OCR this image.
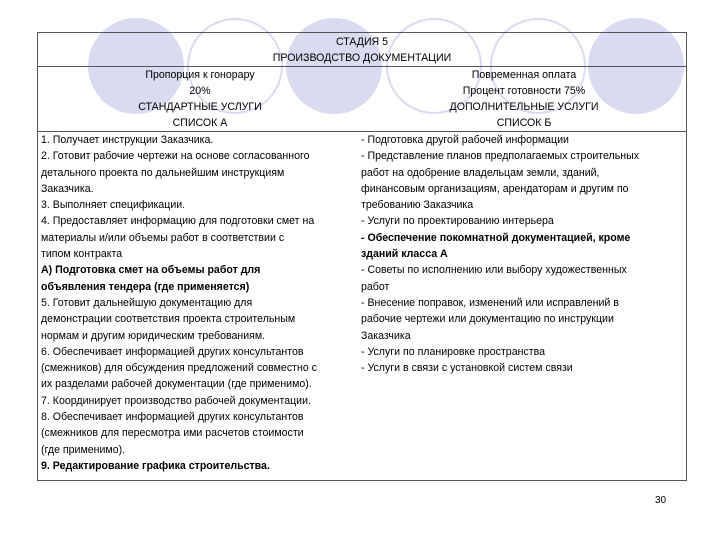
СТАДИЯ 5
ПРОИЗВОДСТВО ДОКУМЕНТАЦИИ
Пропорция к гонорару
20%
СТАНДАРТНЫЕ УСЛУГИ
СПИСОК А
Повременная оплата
Процент готовности 75%
ДОПОЛНИТЕЛЬНЫЕ УСЛУГИ
СПИСОК Б
1. Получает инструкции Заказчика.
2. Готовит рабочие чертежи на основе согласованного
детального проекта по дальнейшим инструкциям
Заказчика.
3. Выполняет спецификации.
4. Предоставляет информацию для подготовки смет на
материалы и/или объемы работ в соответствии с
типом контракта
А) Подготовка смет на объемы работ для
объявления тендера (где применяется)
5. Готовит дальнейшую документацию для
демонстрации соответствия проекта строительным
нормам и другим юридическим требованиям.
6. Обеспечивает информацией других консультантов
(смежников) для обсуждения предложений совместно с
их разделами рабочей документации (где применимо).
7. Координирует производство рабочей документации.
8. Обеспечивает информацией других консультантов
(смежников для пересмотра ими расчетов стоимости
(где применимо).
9. Редактирование графика строительства.
- Подготовка другой рабочей информации
- Представление планов предполагаемых строительных
работ на одобрение владельцам земли, зданий,
финансовым организациям, арендаторам и другим по
требованию Заказчика
- Услуги по проектированию интерьера
- Обеспечение покомнатной документацией, кроме
зданий класса А
- Советы по исполнению или выбору художественных
работ
- Внесение поправок, изменений или исправлений в
рабочие чертежи или документацию по инструкции
Заказчика
- Услуги по планировке пространства
- Услуги в связи с установкой систем связи
30
